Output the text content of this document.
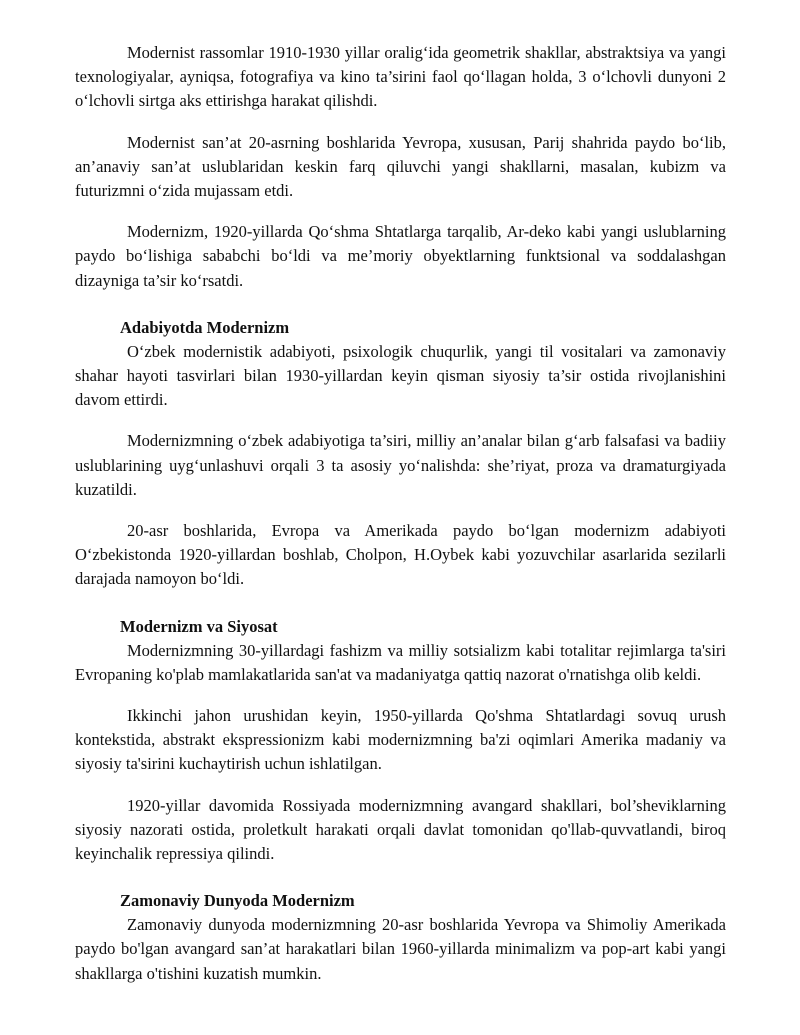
Modernist rassomlar 1910-1930 yillar oralig‘ida geometrik shakllar, abstraktsiya va yangi texnologiyalar, ayniqsa, fotografiya va kino ta’sirini faol qo‘llagan holda, 3 o‘lchovli dunyoni 2 o‘lchovli sirtga aks ettirishga harakat qilishdi.

Modernist san’at 20-asrning boshlarida Yevropa, xususan, Parij shahrida paydo bo‘lib, an’anaviy san’at uslublaridan keskin farq qiluvchi yangi shakllarni, masalan, kubizm va futurizmni o‘zida mujassam etdi.

Modernizm, 1920-yillarda Qo‘shma Shtatlarga tarqalib, Ar-deko kabi yangi uslublarning paydo bo‘lishiga sababchi bo‘ldi va me’moriy obyektlarning funktsional va soddalashgan dizayniga ta’sir ko‘rsatdi.

Adabiyotda Modernizm

O‘zbek modernistik adabiyoti, psixologik chuqurlik, yangi til vositalari va zamonaviy shahar hayoti tasvirlari bilan 1930-yillardan keyin qisman siyosiy ta’sir ostida rivojlanishini davom ettirdi.

Modernizmning o‘zbek adabiyotiga ta’siri, milliy an’analar bilan g‘arb falsafasi va badiiy uslublarining uyg‘unlashuvi orqali 3 ta asosiy yo‘nalishda: she’riyat, proza va dramaturgiyada kuzatildi.

20-asr boshlarida, Evropa va Amerikada paydo bo‘lgan modernizm adabiyoti O‘zbekistonda 1920-yillardan boshlab, Cholpon, H.Oybek kabi yozuvchilar asarlarida sezilarli darajada namoyon bo‘ldi.

Modernizm va Siyosat

Modernizmning 30-yillardagi fashizm va milliy sotsializm kabi totalitar rejimlarga ta'siri Evropaning ko'plab mamlakatlarida san'at va madaniyatga qattiq nazorat o'rnatishga olib keldi.

Ikkinchi jahon urushidan keyin, 1950-yillarda Qo'shma Shtatlardagi sovuq urush kontekstida, abstrakt ekspressionizm kabi modernizmning ba'zi oqimlari Amerika madaniy va siyosiy ta'sirini kuchaytirish uchun ishlatilgan.

1920-yillar davomida Rossiyada modernizmning avangard shakllari, bol’sheviklarning siyosiy nazorati ostida, proletkult harakati orqali davlat tomonidan qo'llab-quvvatlandi, biroq keyinchalik repressiya qilindi.

Zamonaviy Dunyoda Modernizm

Zamonaviy dunyoda modernizmning 20-asr boshlarida Yevropa va Shimoliy Amerikada paydo bo'lgan avangard san’at harakatlari bilan 1960-yillarda minimalizm va pop-art kabi yangi shakllarga o'tishini kuzatish mumkin.
